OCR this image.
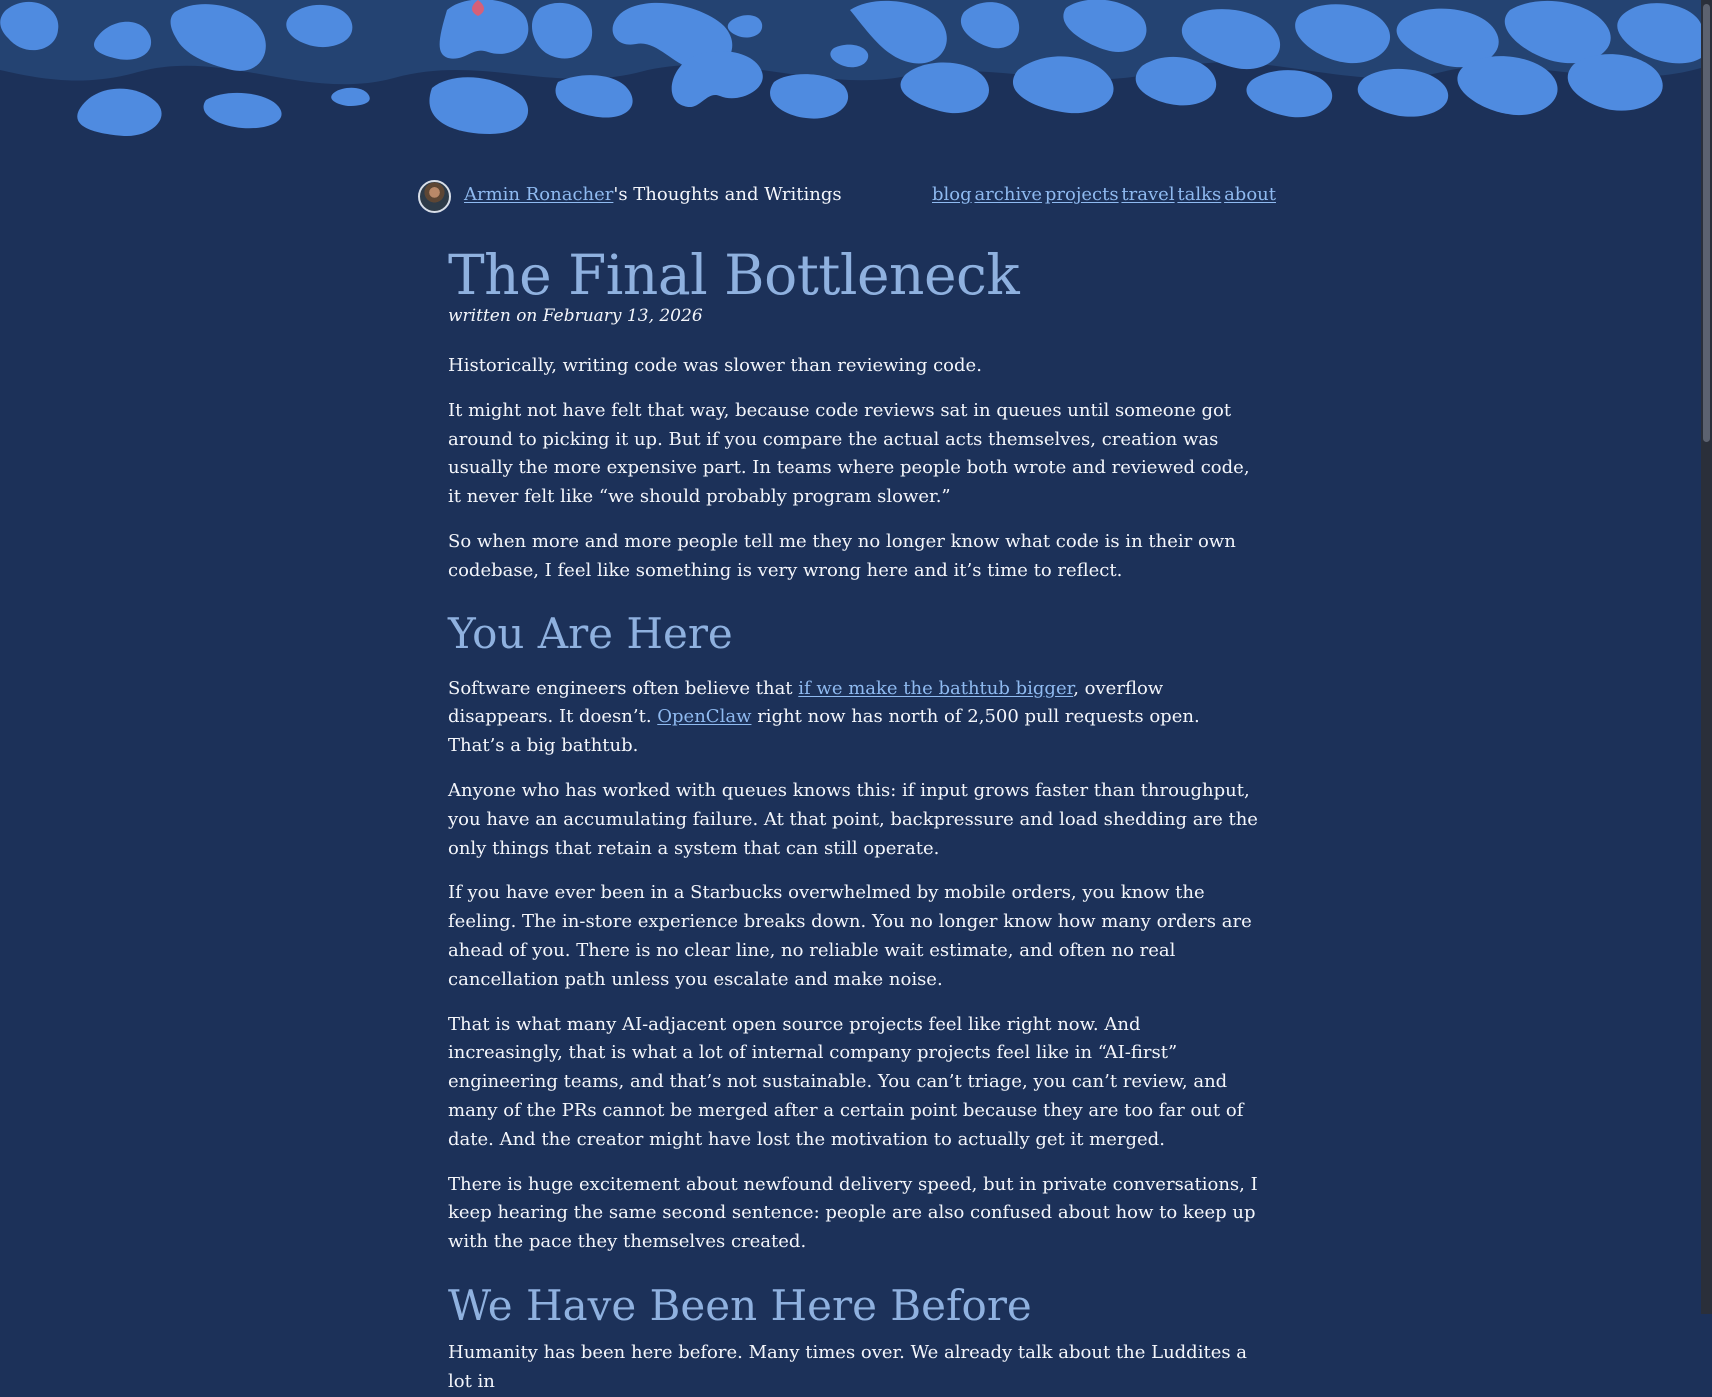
Armin Ronacher's Thoughts and Writings	blog archive projects travel talks about
The Final Bottleneck
written on February 13, 2026

Historically, writing code was slower than reviewing code.

It might not have felt that way, because code reviews sat in queues until someone got around to picking it up. But if you compare the actual acts themselves, creation was usually the more expensive part. In teams where people both wrote and reviewed code, it never felt like “we should probably program slower.”

So when more and more people tell me they no longer know what code is in their own codebase, I feel like something is very wrong here and it’s time to reflect.

You Are Here

Software engineers often believe that if we make the bathtub bigger, overflow disappears. It doesn’t. OpenClaw right now has north of 2,500 pull requests open. That’s a big bathtub.

Anyone who has worked with queues knows this: if input grows faster than throughput, you have an accumulating failure. At that point, backpressure and load shedding are the only things that retain a system that can still operate.

If you have ever been in a Starbucks overwhelmed by mobile orders, you know the feeling. The in-store experience breaks down. You no longer know how many orders are ahead of you. There is no clear line, no reliable wait estimate, and often no real cancellation path unless you escalate and make noise.

That is what many AI-adjacent open source projects feel like right now. And increasingly, that is what a lot of internal company projects feel like in “AI-first” engineering teams, and that’s not sustainable. You can’t triage, you can’t review, and many of the PRs cannot be merged after a certain point because they are too far out of date. And the creator might have lost the motivation to actually get it merged.

There is huge excitement about newfound delivery speed, but in private conversations, I keep hearing the same second sentence: people are also confused about how to keep up with the pace they themselves created.

We Have Been Here Before

Humanity has been here before. Many times over. We already talk about the Luddites a lot in
